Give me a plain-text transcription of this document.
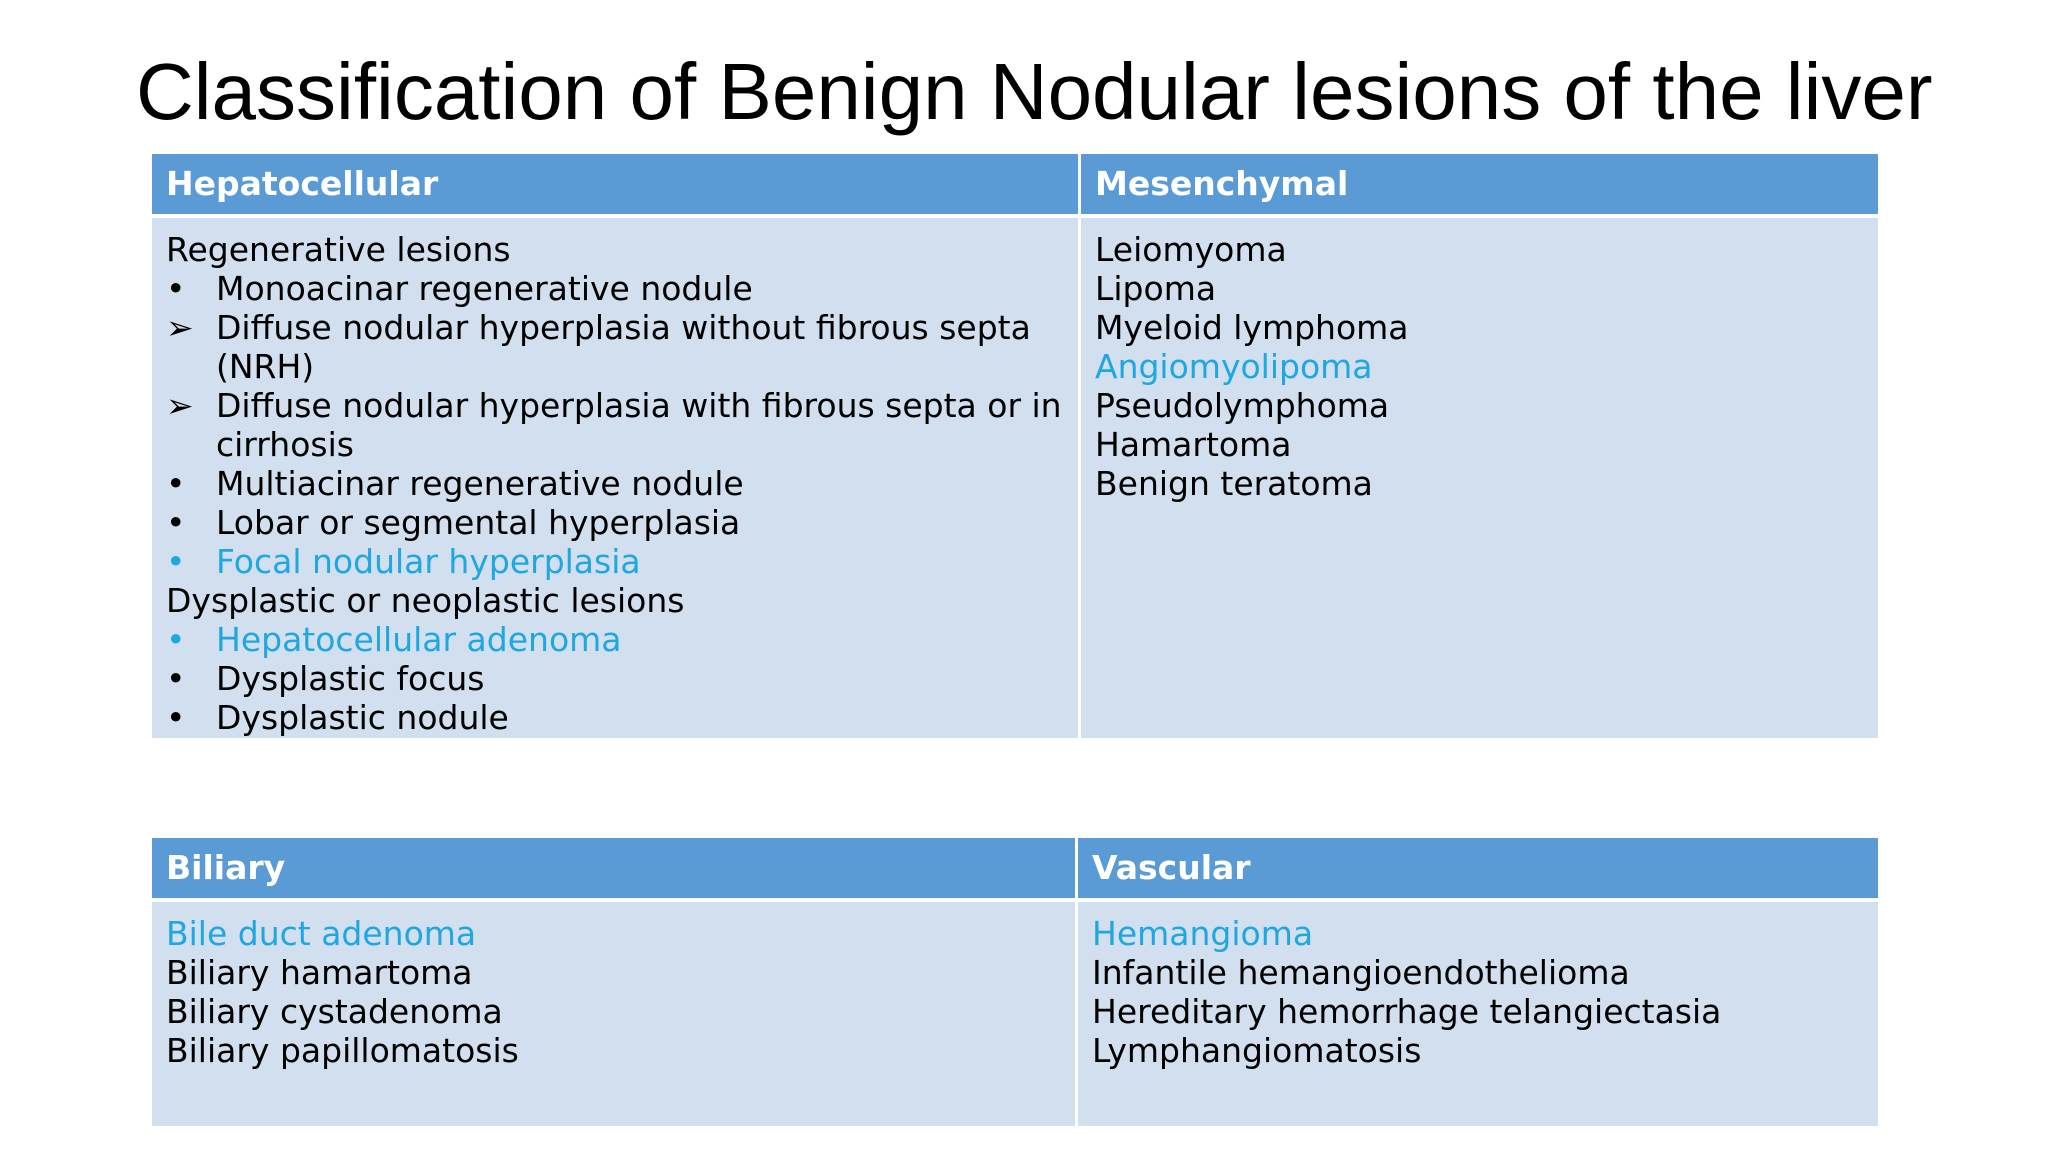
Classification of Benign Nodular lesions of the liver
Hepatocellular	Mesenchymal
Regenerative lesions
• Monoacinar regenerative nodule
➢ Diffuse nodular hyperplasia without fibrous septa
(NRH)
➢ Diffuse nodular hyperplasia with fibrous septa or in
cirrhosis
• Multiacinar regenerative nodule
• Lobar or segmental hyperplasia
• Focal nodular hyperplasia
Dysplastic or neoplastic lesions
• Hepatocellular adenoma
• Dysplastic focus
• Dysplastic nodule
Leiomyoma
Lipoma
Myeloid lymphoma
Angiomyolipoma
Pseudolymphoma
Hamartoma
Benign teratoma
Biliary	Vascular
Bile duct adenoma
Biliary hamartoma
Biliary cystadenoma
Biliary papillomatosis
Hemangioma
Infantile hemangioendothelioma
Hereditary hemorrhage telangiectasia
Lymphangiomatosis
